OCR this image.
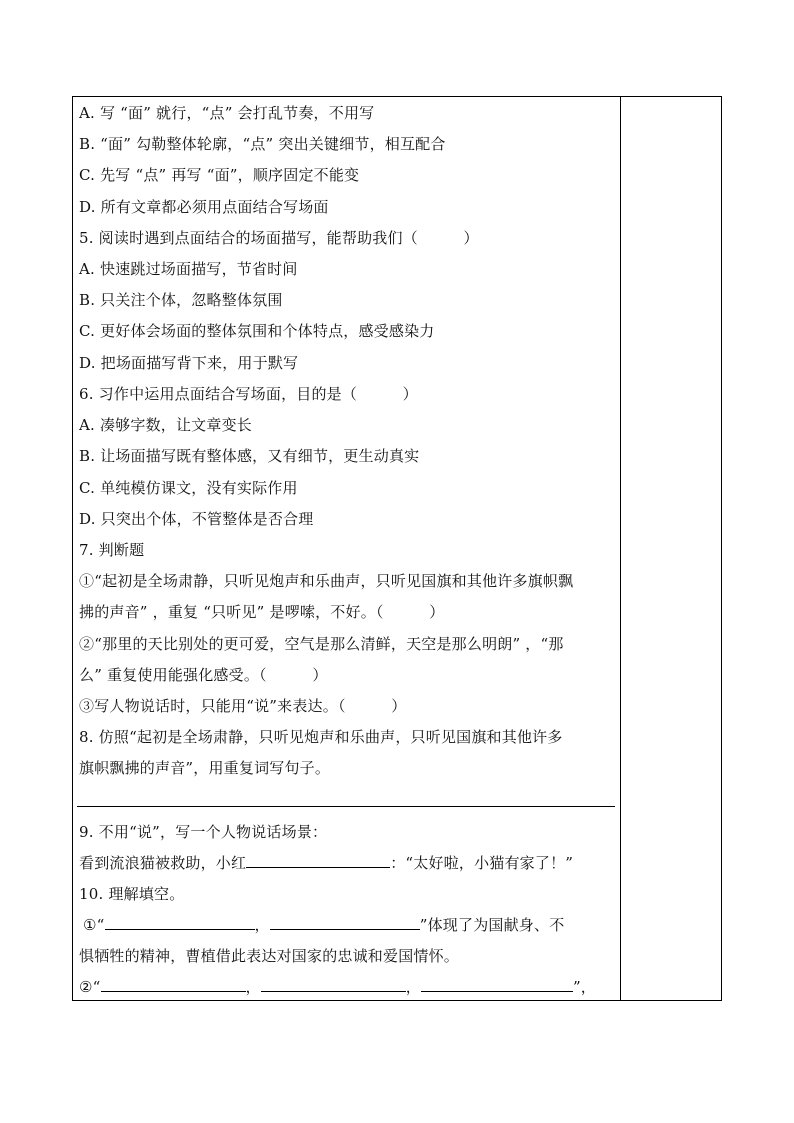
A. 写 “面” 就行，“点” 会打乱节奏，不用写
B. “面” 勾勒整体轮廓，“点” 突出关键细节，相互配合
C. 先写 “点” 再写 “面”，顺序固定不能变
D. 所有文章都必须用点面结合写场面
5. 阅读时遇到点面结合的场面描写，能帮助我们（　　　）
A. 快速跳过场面描写，节省时间
B. 只关注个体，忽略整体氛围
C. 更好体会场面的整体氛围和个体特点，感受感染力
D. 把场面描写背下来，用于默写
6. 习作中运用点面结合写场面，目的是（　　　）
A. 凑够字数，让文章变长
B. 让场面描写既有整体感，又有细节，更生动真实
C. 单纯模仿课文，没有实际作用
D. 只突出个体，不管整体是否合理
7. 判断题
①“起初是全场肃静，只听见炮声和乐曲声，只听见国旗和其他许多旗帜飘
拂的声音” ，重复 “只听见” 是啰嗦，不好。（　　　）
②“那里的天比别处的更可爱，空气是那么清鲜，天空是那么明朗” ，“那
么” 重复使用能强化感受。（　　　）
③写人物说话时，只能用“说”来表达。（　　　）
8. 仿照“起初是全场肃静，只听见炮声和乐曲声，只听见国旗和其他许多
旗帜飘拂的声音”，用重复词写句子。
9. 不用“说”，写一个人物说话场景：
看到流浪猫被救助，小红	：“太好啦，小猫有家了！”
10. 理解填空。
①“	，	”体现了为国献身、不
惧牺牲的精神，曹植借此表达对国家的忠诚和爱国情怀。
②“	，	，	”，
